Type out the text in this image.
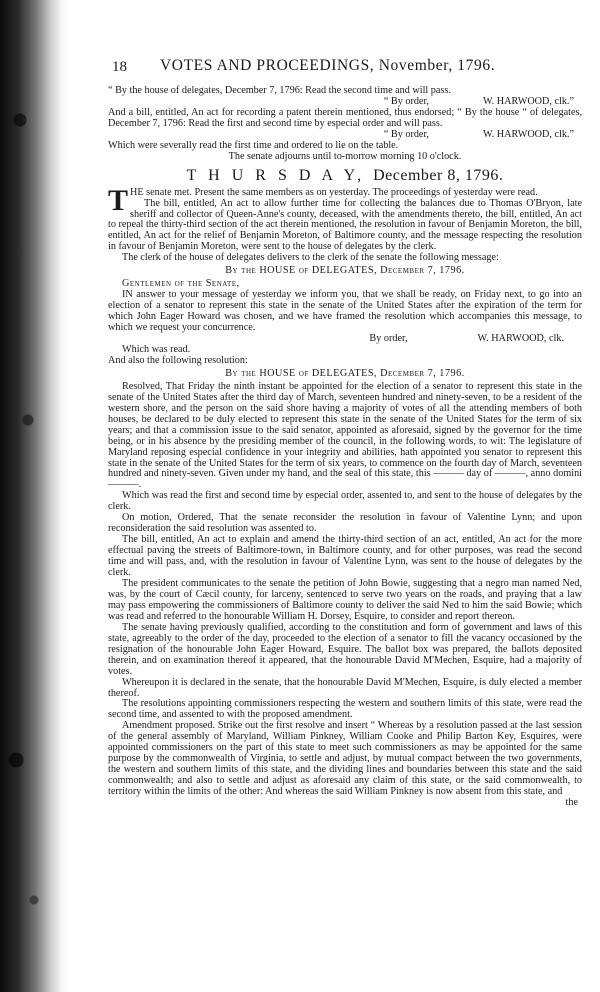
18 VOTES AND PROCEEDINGS, November, 1796.

“ By the house of delegates, December 7, 1796: Read the second time and will pass.

“ By order,	W. HARWOOD, clk.”

And a bill, entitled, An act for recording a patent therein mentioned, thus endorsed; “ By the house “ of delegates, December 7, 1796: Read the first and second time by especial order and will pass.

“ By order,	W. HARWOOD, clk.”

Which were severally read the first time and ordered to lie on the table.

The senate adjourns until to-morrow morning 10 o'clock.

T H U R S D A Y, December 8, 1796.
T HE senate met. Present the same members as on yesterday. The proceedings of yesterday were read.

The bill, entitled, An act to allow further time for collecting the balances due to Thomas O'Bryon, late sheriff and collector of Queen-Anne's county, deceased, with the amendments thereto, the bill, entitled, An act to repeal the thirty-third section of the act therein mentioned, the resolution in favour of Benjamin Moreton, the bill, entitled, An act for the relief of Benjamin Moreton, of Baltimore county, and the message respecting the resolution in favour of Benjamin Moreton, were sent to the house of delegates by the clerk.

The clerk of the house of delegates delivers to the clerk of the senate the following message:

By the HOUSE of DELEGATES, December 7, 1796.

Gentlemen of the Senate,

IN answer to your message of yesterday we inform you, that we shall be ready, on Friday next, to go into an election of a senator to represent this state in the senate of the United States after the expiration of the term for which John Eager Howard was chosen, and we have framed the resolution which accompanies this message, to which we request your concurrence.

By order,	W. HARWOOD, clk.

Which was read.

And also the following resolution:

By the HOUSE of DELEGATES, December 7, 1796.

Resolved, That Friday the ninth instant be appointed for the election of a senator to represent this state in the senate of the United States after the third day of March, seventeen hundred and ninety-seven, to be a resident of the western shore, and the person on the said shore having a majority of votes of all the attending members of both houses, be declared to be duly elected to represent this state in the senate of the United States for the term of six years; and that a commission issue to the said senator, appointed as aforesaid, signed by the governor for the time being, or in his absence by the presiding member of the council, in the following words, to wit: The legislature of Maryland reposing especial confidence in your integrity and abilities, hath appointed you senator to represent this state in the senate of the United States for the term of six years, to commence on the fourth day of March, seventeen hundred and ninety-seven. Given under my hand, and the seal of this state, this ——— day of ———, anno domini ———.

Which was read the first and second time by especial order, assented to, and sent to the house of delegates by the clerk.

On motion, Ordered, That the senate reconsider the resolution in favour of Valentine Lynn; and upon reconsideration the said resolution was assented to.

The bill, entitled, An act to explain and amend the thirty-third section of an act, entitled, An act for the more effectual paving the streets of Baltimore-town, in Baltimore county, and for other purposes, was read the second time and will pass, and, with the resolution in favour of Valentine Lynn, was sent to the house of delegates by the clerk.

The president communicates to the senate the petition of John Bowie, suggesting that a negro man named Ned, was, by the court of Cæcil county, for larceny, sentenced to serve two years on the roads, and praying that a law may pass empowering the commissioners of Baltimore county to deliver the said Ned to him the said Bowie; which was read and referred to the honourable William H. Dorsey, Esquire, to consider and report thereon.

The senate having previously qualified, according to the constitution and form of government and laws of this state, agreeably to the order of the day, proceeded to the election of a senator to fill the vacancy occasioned by the resignation of the honourable John Eager Howard, Esquire. The ballot box was prepared, the ballots deposited therein, and on examination thereof it appeared, that the honourable David M'Mechen, Esquire, had a majority of votes.

Whereupon it is declared in the senate, that the honourable David M'Mechen, Esquire, is duly elected a member thereof.

The resolutions appointing commissioners respecting the western and southern limits of this state, were read the second time, and assented to with the proposed amendment.

Amendment proposed. Strike out the first resolve and insert “ Whereas by a resolution passed at the last session of the general assembly of Maryland, William Pinkney, William Cooke and Philip Barton Key, Esquires, were appointed commissioners on the part of this state to meet such commissioners as may be appointed for the same purpose by the commonwealth of Virginia, to settle and adjust, by mutual compact between the two governments, the western and southern limits of this state, and the dividing lines and boundaries between this state and the said commonwealth; and also to settle and adjust as aforesaid any claim of this state, or the said commonwealth, to territory within the limits of the other: And whereas the said William Pinkney is now absent from this state, and

the
